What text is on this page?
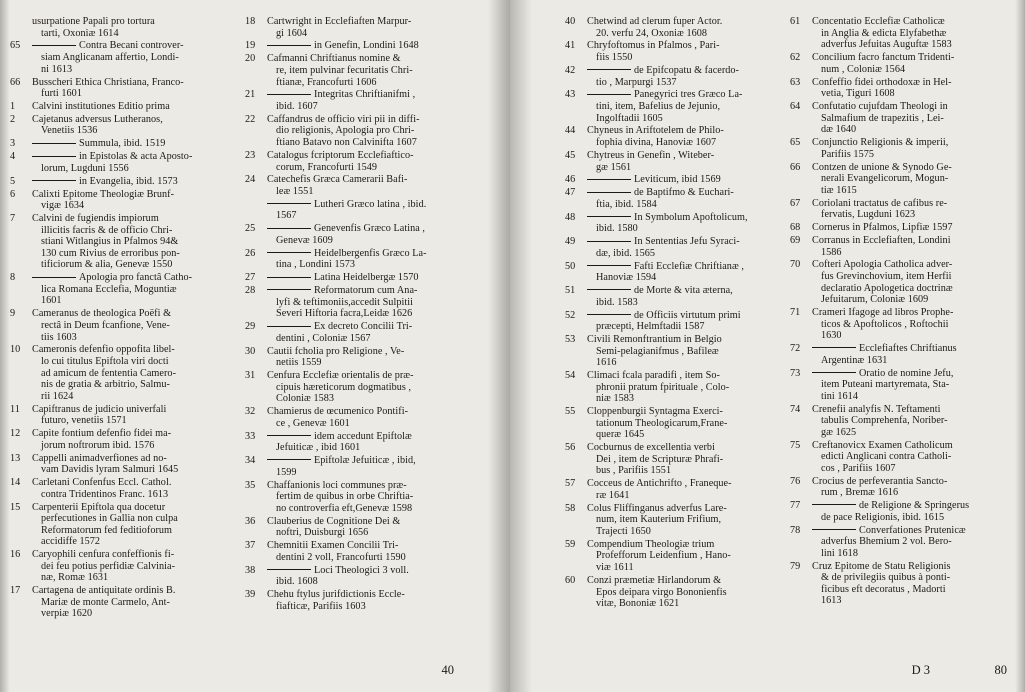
usurpatione Papali pro tortura
tarti, Oxoniæ 1614
65	Contra Becani controver-
siam Anglicanam affertio, Londi-
ni 1613
66	Busscheri Ethica Christiana, Franco-
furti 1601
1	Calvini institutiones Editio prima
2	Cajetanus adversus Lutheranos,
Venetiis 1536
3	Summula, ibid. 1519
4	in Epistolas & acta Aposto-
lorum, Lugduni 1556
5	in Evangelia, ibid. 1573
6	Calixti Epitome Theologiæ Brunf-
vigæ 1634
7	Calvini de fugiendis impiorum
illicitis facris & de officio Chri-
stiani Witlangius in Pfalmos 94&
130 cum Rivius de erroribus pon-
tificiorum & alia, Genevæ 1550
8	Apologia pro fanctâ Catho-
lica Romana Ecclefia, Moguntiæ
1601
9	Cameranus de theologica Poëfi &
rectâ in Deum fcanfione, Vene-
tiis 1603
10	Cameronis defenfio oppofita libel-
lo cui titulus Epiftola viri docti
ad amicum de fententia Camero-
nis de gratia & arbitrio, Salmu-
rii 1624
11	Capiftranus de judicio univerfali
futuro, venetiis 1571
12	Capite fontium defenfio fidei ma-
jorum noftrorum ibid. 1576
13	Cappelli animadverfiones ad no-
vam Davidis lyram Salmuri 1645
14	Carletani Confenfus Eccl. Cathol.
contra Tridentinos Franc. 1613
15	Carpenterii Epiftola qua docetur
perfecutiones in Gallia non culpa
Reformatorum fed feditioforum
accidiffe 1572
16	Caryophili cenfura confeffionis fi-
dei feu potius perfidiæ Calvinia-
næ, Romæ 1631
17	Cartagena de antiquitate ordinis B.
Mariæ de monte Carmelo, Ant-
verpiæ 1620
18	Cartwright in Ecclefiaften Marpur-
gi 1604
19	in Genefin, Londini 1648
20	Cafmanni Chriftianus nomine &
re, item pulvinar fecuritatis Chri-
ftianæ, Francofurti 1606
21	Integritas Chriftianifmi ,
ibid. 1607
22	Caffandrus de officio viri pii in diffi-
dio religionis, Apologia pro Chri-
ftiano Batavo non Calvinifta 1607
23	Catalogus fcriptorum Ecclefiaftico-
corum, Francofurti 1549
24	Catechefis Græca Camerarii Bafi-
leæ 1551
Lutheri Græco latina , ibid.
1567
25	Genevenfis Græco Latina ,
Genevæ 1609
26	Heidelbergenfis Græco La-
tina , Londini 1573
27	Latina Heidelbergæ 1570
28	Reformatorum cum Ana-
lyfi & teftimoniis,accedit Sulpitii
Severi Hiftoria facra,Leidæ 1626
29	Ex decreto Concilii Tri-
dentini , Coloniæ 1567
30	Cautii fcholia pro Religione , Ve-
netiis 1559
31	Cenfura Ecclefiæ orientalis de præ-
cipuis hæreticorum dogmatibus ,
Coloniæ 1583
32	Chamierus de œcumenico Pontifi-
ce , Genevæ 1601
33	idem accedunt Epiftolæ
Jefuiticæ , ibid 1601
34	Epiftolæ Jefuiticæ , ibid,
1599
35	Chaffanionis loci communes præ-
fertim de quibus in orbe Chriftia-
no controverfia eft,Genevæ 1598
36	Clauberius de Cognitione Dei &
noftri, Duisburgi 1656
37	Chemnitii Examen Concilii Tri-
dentini 2 voll, Francofurti 1590
38	Loci Theologici 3 voll.
ibid. 1608
39	Chehu ftylus jurifdictionis Eccle-
fiafticæ, Parifiis 1603
40
40	Chetwind ad clerum fuper Actor.
20. verfu 24, Oxoniæ 1608
41	Chryfoftomus in Pfalmos , Pari-
fiis 1550
42	de Epifcopatu & facerdo-
tio , Marpurgi 1537
43	Panegyrici tres Græco La-
tini, item, Bafelius de Jejunio,
Ingolftadii 1605
44	Chyneus in Ariftotelem de Philo-
fophia divina, Hanoviæ 1607
45	Chytreus in Genefin , Witeber-
gæ 1561
46	Leviticum, ibid 1569
47	de Baptifmo & Euchari-
ftia, ibid. 1584
48	In Symbolum Apoftolicum,
ibid. 1580
49	In Sententias Jefu Syraci-
dæ, ibid. 1565
50	Fafti Ecclefiæ Chriftianæ ,
Hanoviæ 1594
51	de Morte & vita æterna,
ibid. 1583
52	de Officiis virtutum primi
præcepti, Helmftadii 1587
53	Civili Remonftrantium in Belgio
Semi-pelagianifmus , Bafileæ
1616
54	Climaci fcala paradifi , item So-
phronii pratum fpirituale , Colo-
niæ 1583
55	Cloppenburgii Syntagma Exerci-
tationum Theologicarum,Frane-
queræ 1645
56	Cocburnus de excellentia verbi
Dei , item de Scripturæ Phrafi-
bus , Parifiis 1551
57	Cocceus de Antichrifto , Franeque-
ræ 1641
58	Colus Fliffinganus adverfus Lare-
num, item Kauterium Frifium,
Trajecti 1650
59	Compendium Theologiæ trium
Profefforum Leidenfium , Hano-
viæ 1611
60	Conzi præmetiæ Hirlandorum &
Epos deipara virgo Bononienfis
vitæ, Bononiæ 1621
61	Concentatio Ecclefiæ Catholicæ
in Anglia & edicta Elyfabethæ
adverfus Jefuitas Auguftæ 1583
62	Concilium facro fanctum Tridenti-
num , Coloniæ 1564
63	Confeffio fidei orthodoxæ in Hel-
vetia, Tiguri 1608
64	Confutatio cujufdam Theologi in
Salmafium de trapezitis , Lei-
dæ 1640
65	Conjunctio Religionis & imperii,
Parifiis 1575
66	Contzen de unione & Synodo Ge-
nerali Evangelicorum, Mogun-
tiæ 1615
67	Coriolani tractatus de cafibus re-
fervatis, Lugduni 1623
68	Cornerus in Pfalmos, Lipfiæ 1597
69	Corranus in Ecclefiaften, Londini
1586
70	Cofteri Apologia Catholica adver-
fus Grevinchovium, item Herfii
declaratio Apologetica doctrinæ
Jefuitarum, Coloniæ 1609
71	Crameri Ifagoge ad libros Prophe-
ticos & Apoftolicos , Roftochii
1630
72	Ecclefiaftes Chriftianus
Argentinæ 1631
73	Oratio de nomine Jefu,
item Puteani martyremata, Sta-
tini 1614
74	Crenefii analyfis N. Teftamenti
tabulis Comprehenfa, Noriber-
gæ 1625
75	Creftanovicx Examen Catholicum
edicti Anglicani contra Catholi-
cos , Parifiis 1607
76	Crocius de perfeverantia Sancto-
rum , Bremæ 1616
77	de Religione & Springerus
de pace Religionis, ibid. 1615
78	Converfationes Prutenicæ
adverfus Bhemium 2 vol. Bero-
lini 1618
79	Cruz Epitome de Statu Religionis
& de privilegiis quibus à ponti-
ficibus eft decoratus , Madorti
1613
D 3	80
